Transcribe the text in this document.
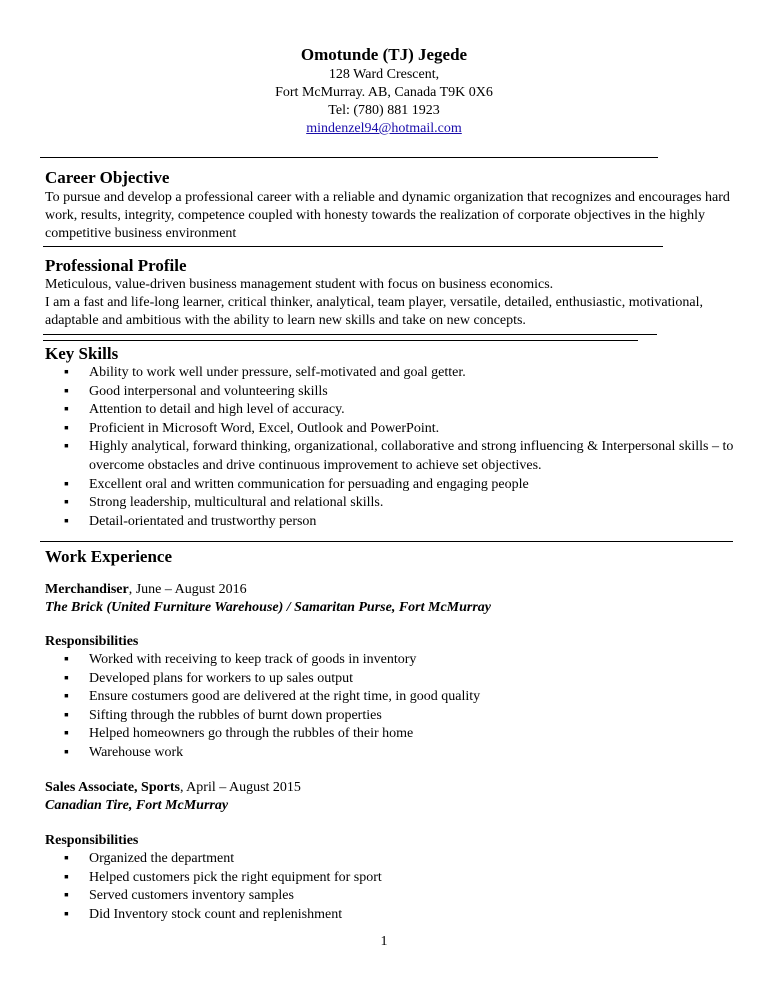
Omotunde (TJ) Jegede

128 Ward Crescent,

Fort McMurray. AB, Canada T9K 0X6

Tel: (780) 881 1923

mindenzel94@hotmail.com

Career Objective

To pursue and develop a professional career with a reliable and dynamic organization that recognizes and encourages hard work, results, integrity, competence coupled with honesty towards the realization of corporate objectives in the highly competitive business environment

Professional Profile

Meticulous, value-driven business management student with focus on business economics.

I am a fast and life-long learner, critical thinker, analytical, team player, versatile, detailed, enthusiastic, motivational, adaptable and ambitious with the ability to learn new skills and take on new concepts.

Key Skills

▪ Ability to work well under pressure, self-motivated and goal getter.
▪ Good interpersonal and volunteering skills
▪ Attention to detail and high level of accuracy.
▪ Proficient in Microsoft Word, Excel, Outlook and PowerPoint.
▪ Highly analytical, forward thinking, organizational, collaborative and strong influencing & Interpersonal skills – to overcome obstacles and drive continuous improvement to achieve set objectives.
▪ Excellent oral and written communication for persuading and engaging people
▪ Strong leadership, multicultural and relational skills.
▪ Detail-orientated and trustworthy person

Work Experience

Merchandiser, June – August 2016

The Brick (United Furniture Warehouse) / Samaritan Purse, Fort McMurray

Responsibilities

▪ Worked with receiving to keep track of goods in inventory
▪ Developed plans for workers to up sales output
▪ Ensure costumers good are delivered at the right time, in good quality
▪ Sifting through the rubbles of burnt down properties
▪ Helped homeowners go through the rubbles of their home
▪ Warehouse work

Sales Associate, Sports, April – August 2015

Canadian Tire, Fort McMurray

Responsibilities

▪ Organized the department
▪ Helped customers pick the right equipment for sport
▪ Served customers inventory samples
▪ Did Inventory stock count and replenishment
1
